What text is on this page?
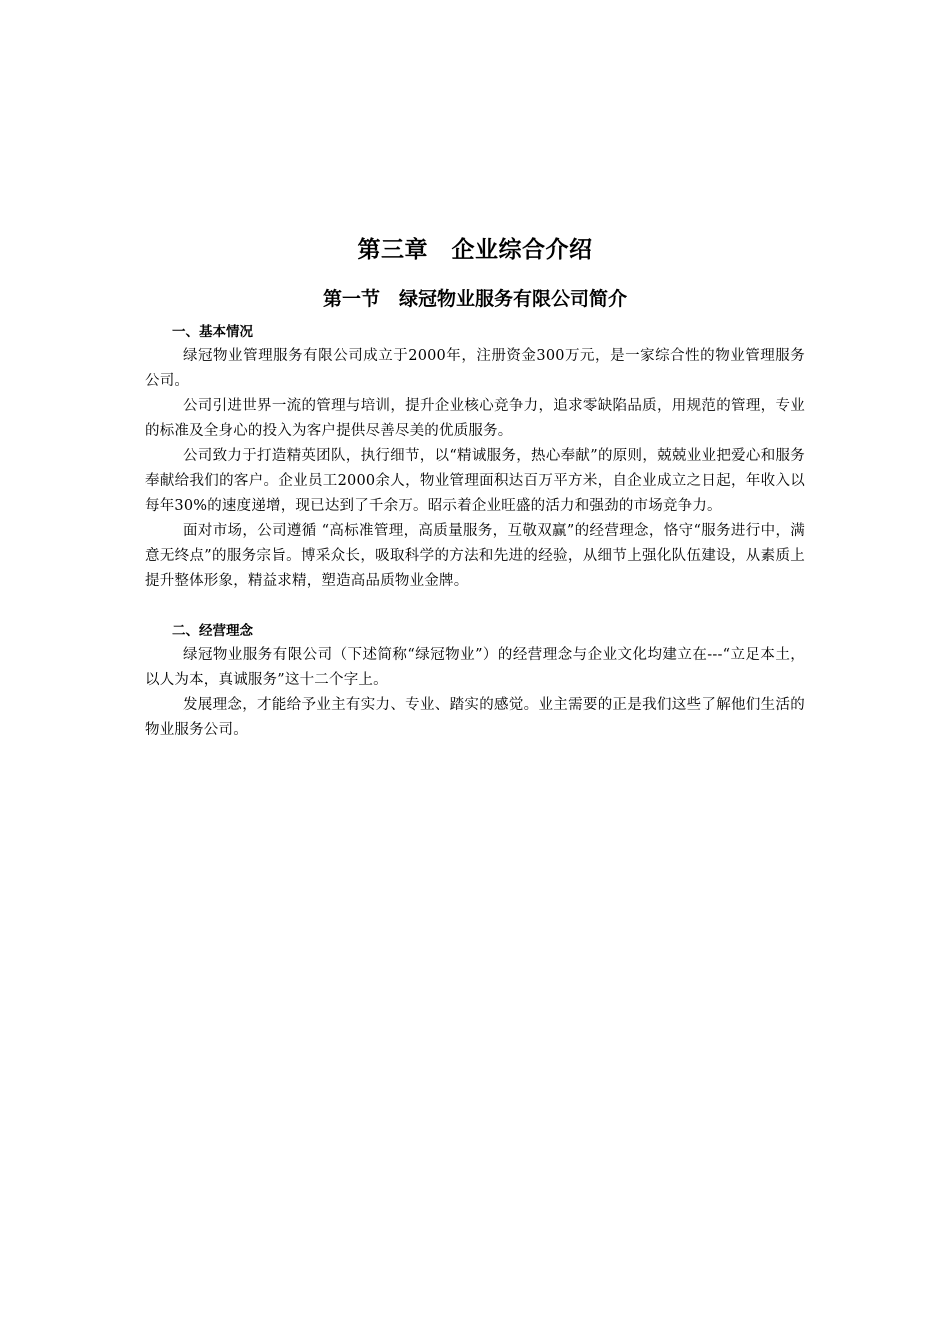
第三章　企业综合介绍
第一节　绿冠物业服务有限公司简介
一、基本情况

绿冠物业管理服务有限公司成立于2000年，注册资金300万元，是一家综合性的物业管理服务公司。

公司引进世界一流的管理与培训，提升企业核心竞争力，追求零缺陷品质，用规范的管理，专业的标准及全身心的投入为客户提供尽善尽美的优质服务。

公司致力于打造精英团队，执行细节，以“精诚服务，热心奉献”的原则，兢兢业业把爱心和服务奉献给我们的客户。企业员工2000余人，物业管理面积达百万平方米，自企业成立之日起，年收入以每年30%的速度递增，现已达到了千余万。昭示着企业旺盛的活力和强劲的市场竞争力。

面对市场，公司遵循 “高标准管理，高质量服务，互敬双赢”的经营理念，恪守“服务进行中，满意无终点”的服务宗旨。博采众长，吸取科学的方法和先进的经验，从细节上强化队伍建设，从素质上提升整体形象，精益求精，塑造高品质物业金牌。

二、经营理念

绿冠物业服务有限公司（下述简称“绿冠物业”）的经营理念与企业文化均建立在---“立足本土，以人为本，真诚服务”这十二个字上。

发展理念，才能给予业主有实力、专业、踏实的感觉。业主需要的正是我们这些了解他们生活的物业服务公司。
